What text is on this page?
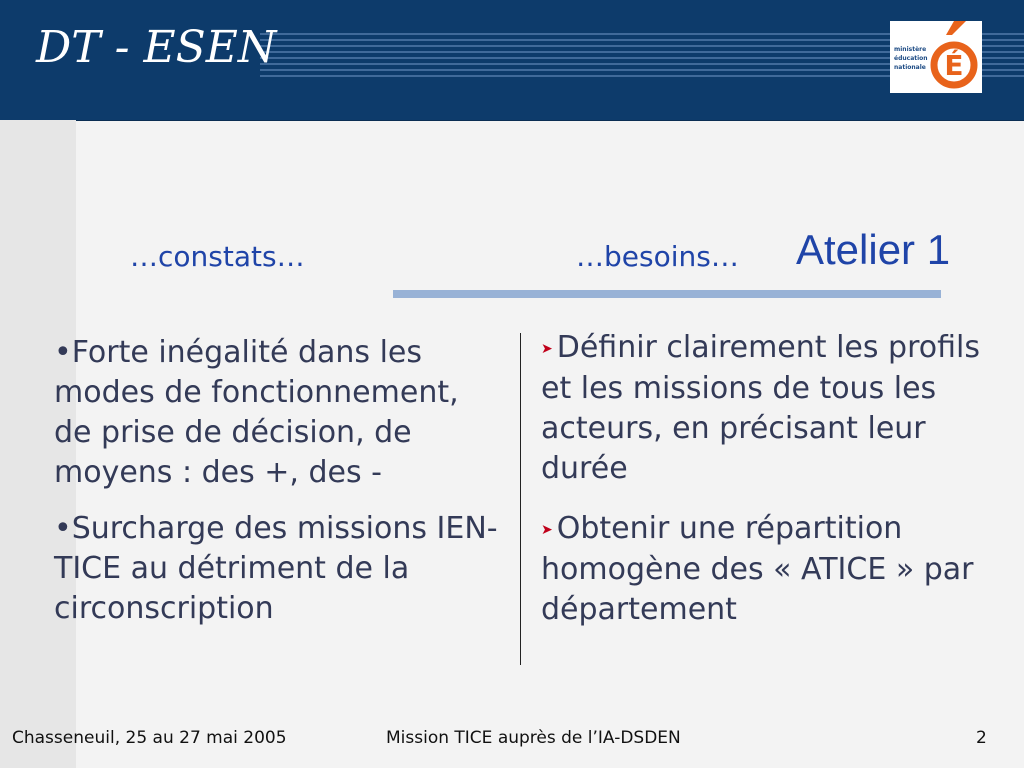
DT - ESEN	ministère
éducation
nationale É
…constats…	…besoins… Atelier 1
•Forte inégalité dans les modes de fonctionnement, de prise de décision, de moyens : des +, des -
•Surcharge des missions IEN-TICE au détriment de la circonscription
➤ Définir clairement les profils et les missions de tous les acteurs, en précisant leur durée
➤ Obtenir une répartition homogène des « ATICE » par département
Chasseneuil, 25 au 27 mai 2005	Mission TICE auprès de l’IA-DSDEN	2
